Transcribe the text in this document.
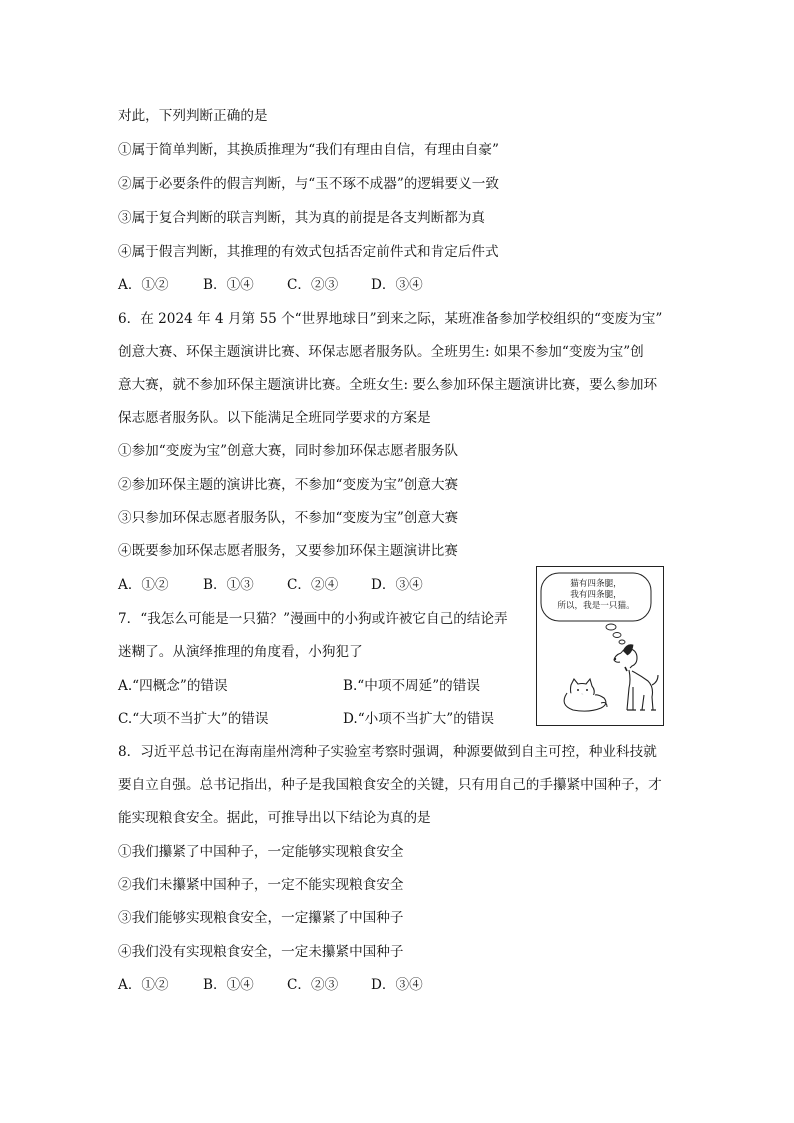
对此，下列判断正确的是
①属于简单判断，其换质推理为“我们有理由自信，有理由自豪”
②属于必要条件的假言判断，与“玉不琢不成器”的逻辑要义一致
③属于复合判断的联言判断，其为真的前提是各支判断都为真
④属于假言判断，其推理的有效式包括否定前件式和肯定后件式
A．①②	B．①④ C．②③ D．③④
6．在 2024 年 4 月第 55 个“世界地球日”到来之际，某班准备参加学校组织的“变废为宝”
创意大赛、环保主题演讲比赛、环保志愿者服务队。全班男生: 如果不参加“变废为宝”创
意大赛，就不参加环保主题演讲比赛。全班女生: 要么参加环保主题演讲比赛，要么参加环
保志愿者服务队。以下能满足全班同学要求的方案是
①参加“变废为宝”创意大赛，同时参加环保志愿者服务队
②参加环保主题的演讲比赛，不参加“变废为宝”创意大赛
③只参加环保志愿者服务队，不参加“变废为宝”创意大赛
④既要参加环保志愿者服务，又要参加环保主题演讲比赛
A．①②	B．①③ C．②④ D．③④
7．“我怎么可能是一只猫？”漫画中的小狗或许被它自己的结论弄
迷糊了。从演绎推理的角度看，小狗犯了
A.“四概念”的错误	B.“中项不周延”的错误
C.“大项不当扩大”的错误	D.“小项不当扩大”的错误
猫有四条腿，
我有四条腿，
所以，我是一只猫。
8．习近平总书记在海南崖州湾种子实验室考察时强调，种源要做到自主可控，种业科技就
要自立自强。总书记指出，种子是我国粮食安全的关键，只有用自己的手攥紧中国种子，才
能实现粮食安全。据此，可推导出以下结论为真的是
①我们攥紧了中国种子，一定能够实现粮食安全
②我们未攥紧中国种子，一定不能实现粮食安全
③我们能够实现粮食安全，一定攥紧了中国种子
④我们没有实现粮食安全，一定未攥紧中国种子
A．①②	B．①④ C．②③ D．③④
